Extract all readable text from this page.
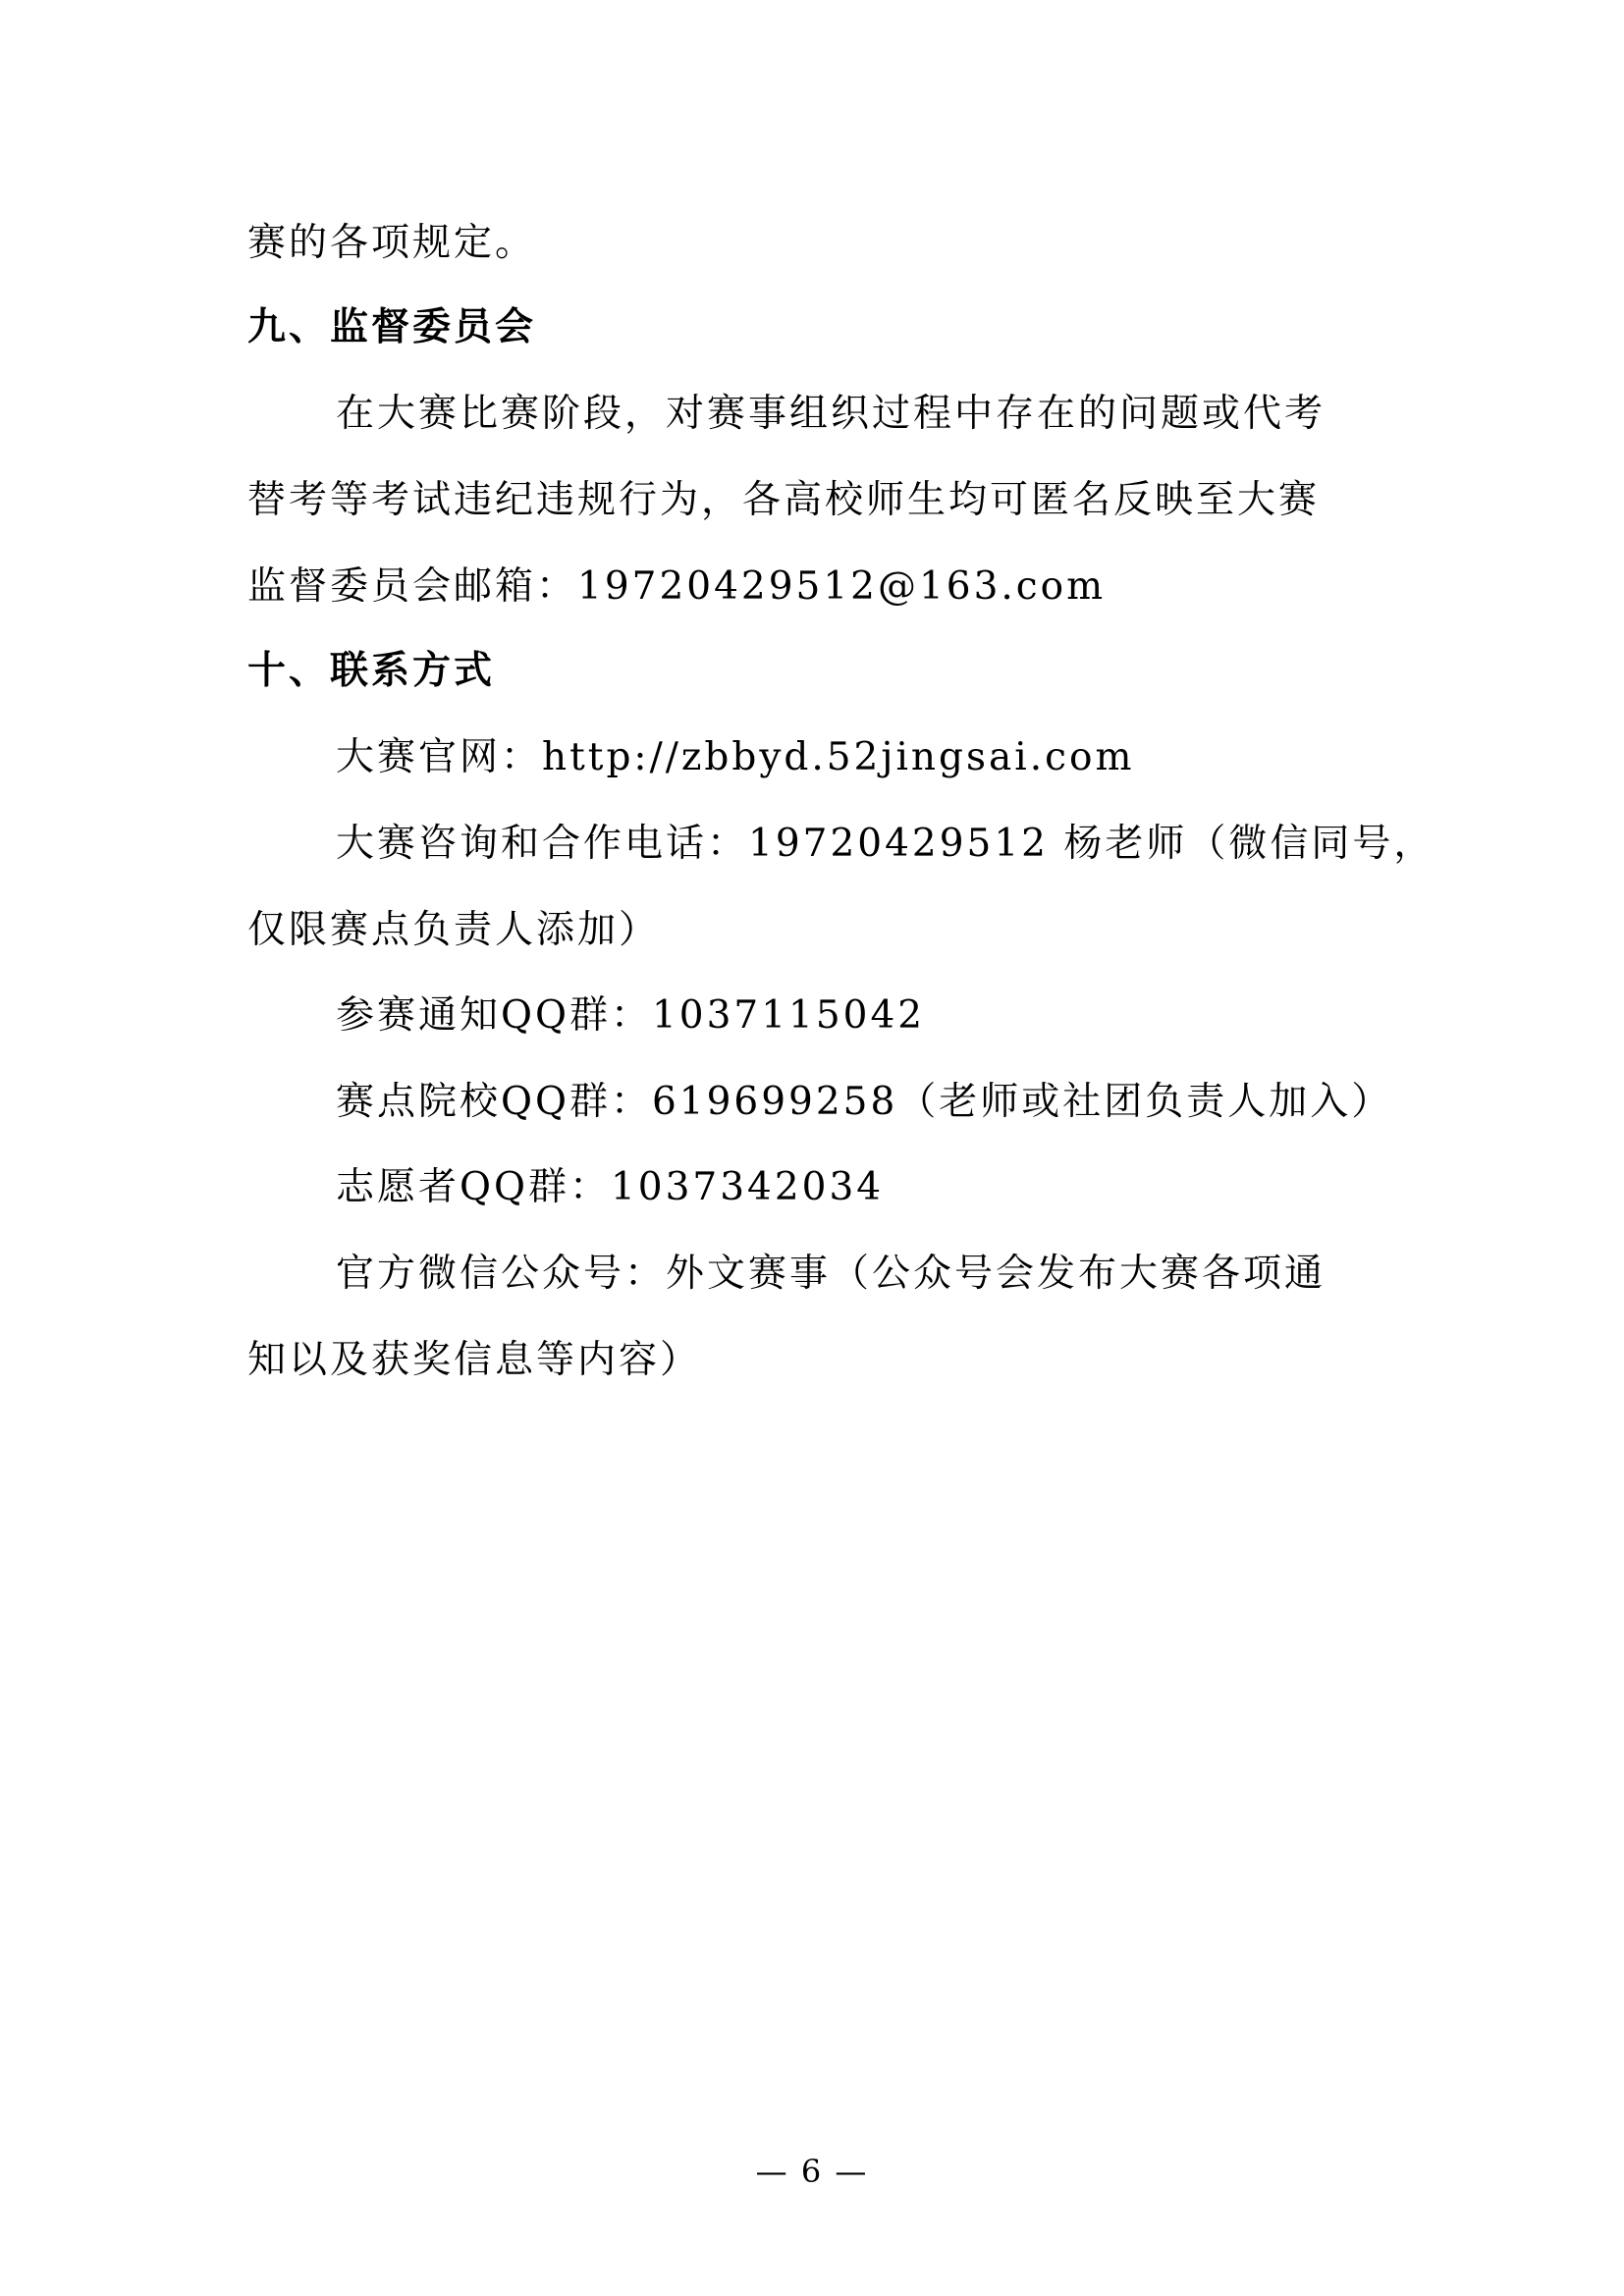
赛的各项规定。
九、监督委员会
在大赛比赛阶段，对赛事组织过程中存在的问题或代考
替考等考试违纪违规行为，各高校师生均可匿名反映至大赛
监督委员会邮箱：19720429512@163.com
十、联系方式
大赛官网：http://zbbyd.52jingsai.com
大赛咨询和合作电话：19720429512 杨老师（微信同号，
仅限赛点负责人添加）
参赛通知QQ群：1037115042
赛点院校QQ群：619699258（老师或社团负责人加入）
志愿者QQ群：1037342034
官方微信公众号：外文赛事（公众号会发布大赛各项通
知以及获奖信息等内容）
— 6 —
